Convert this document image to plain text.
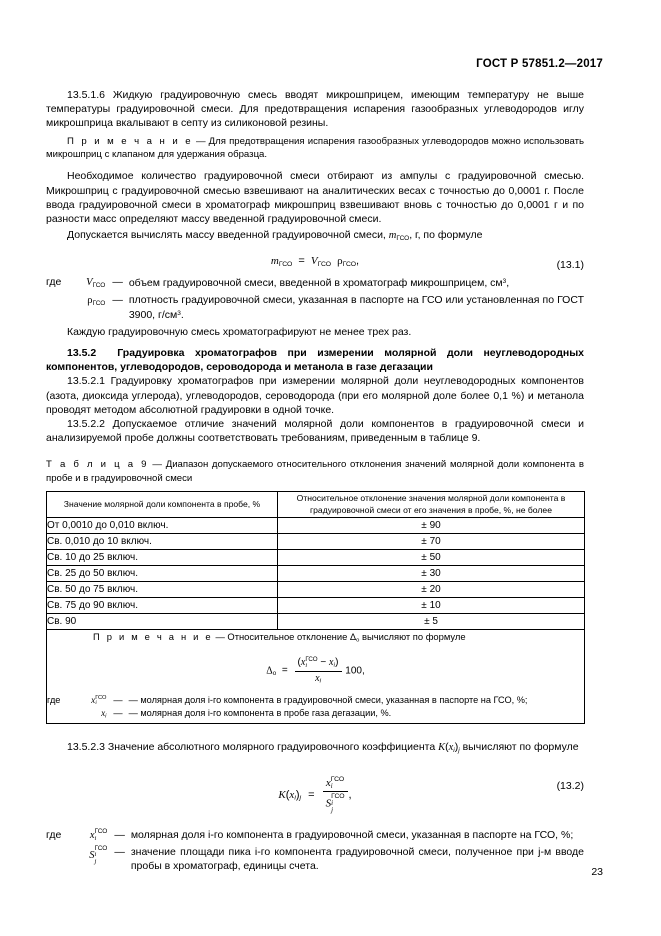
ГОСТ Р 57851.2—2017

13.5.1.6 Жидкую градуировочную смесь вводят микрошприцем, имеющим температуру не выше температуры градуировочной смеси. Для предотвращения испарения газообразных углеводородов иглу микрошприца вкалывают в септу из силиконовой резины.

П р и м е ч а н и е — Для предотвращения испарения газообразных углеводородов можно использовать микрошприц с клапаном для удержания образца.

Необходимое количество градуировочной смеси отбирают из ампулы с градуировочной смесью. Микрошприц с градуировочной смесью взвешивают на аналитических весах с точностью до 0,0001 г. После ввода градуировочной смеси в хроматограф микрошприц взвешивают вновь с точностью до 0,0001 г и по разности масс определяют массу введенной градуировочной смеси.

Допускается вычислять массу введенной градуировочной смеси, $m_{ГСО}$, г, по формуле

$m_{ГСО} = V_{ГСО}$ $\rho_{ГСО}$,	(13.1)
где	$V_{ГСО}$ — объем градуировочной смеси, введенной в хроматограф микрошприцем, $см^3$,
$\rho_{ГСО}$ — плотность градуировочной смеси, указанная в паспорте на ГСО или установленная по ГОСТ 3900, $г/см^3$.

Каждую градуировочную смесь хроматографируют не менее трех раз.

13.5.2 Градуировка хроматографов при измерении молярной доли неуглеводородных компонентов, углеводородов, сероводорода и метанола в газе дегазации

13.5.2.1 Градуировку хроматографов при измерении молярной доли неуглеводородных компонентов (азота, диоксида углерода), углеводородов, сероводорода (при его молярной доле более 0,1 %) и метанола проводят методом абсолютной градуировки в одной точке.

13.5.2.2 Допускаемое отличие значений молярной доли компонентов в градуировочной смеси и анализируемой пробе должны соответствовать требованиям, приведенным в таблице 9.

Т а б л и ц а 9 — Диапазон допускаемого относительного отклонения значений молярной доли компонента в пробе и в градуировочной смеси
Значение молярной доли компонента в пробе, %	Относительное отклонение значения молярной доли компонента в градуировочной смеси от его значения в пробе, %, не более
От 0,0010 до 0,010 включ.	± 90
Св. 0,010 до 10 включ.	± 70
Св. 10 до 25 включ.	± 50
Св. 25 до 50 включ.	± 30
Св. 50 до 75 включ.	± 20
Св. 75 до 90 включ.	± 10
Св. 90	± 5

П р и м е ч а н и е — Относительное отклонение $\Delta_о$ вычисляют по формуле
$\Delta_о = (x$ ГСО
i	− $x_i$)
$x_i$ 100,
где	x ГСО
i	— — молярная доля i-го компонента в градуировочной смеси, указанная в паспорте на ГСО, %;
$x_i$ — — молярная доля i-го компонента в пробе газа дегазации, %.

13.5.2.3 Значение абсолютного молярного градуировочного коэффициента $K(x_i)_j$ вычисляют по формуле

$K(x_i)_j = x$ ГСО
i
S
ГСО
i
j ,
(13.2)
где	x ГСО
i	— молярная доля i-го компонента в градуировочной смеси, указанная в паспорте на ГСО, %;
S
ГСО
i
j
— значение площади пика i-го компонента градуировочной смеси, полученное при j-м вводе пробы в хроматограф, единицы счета.	23
